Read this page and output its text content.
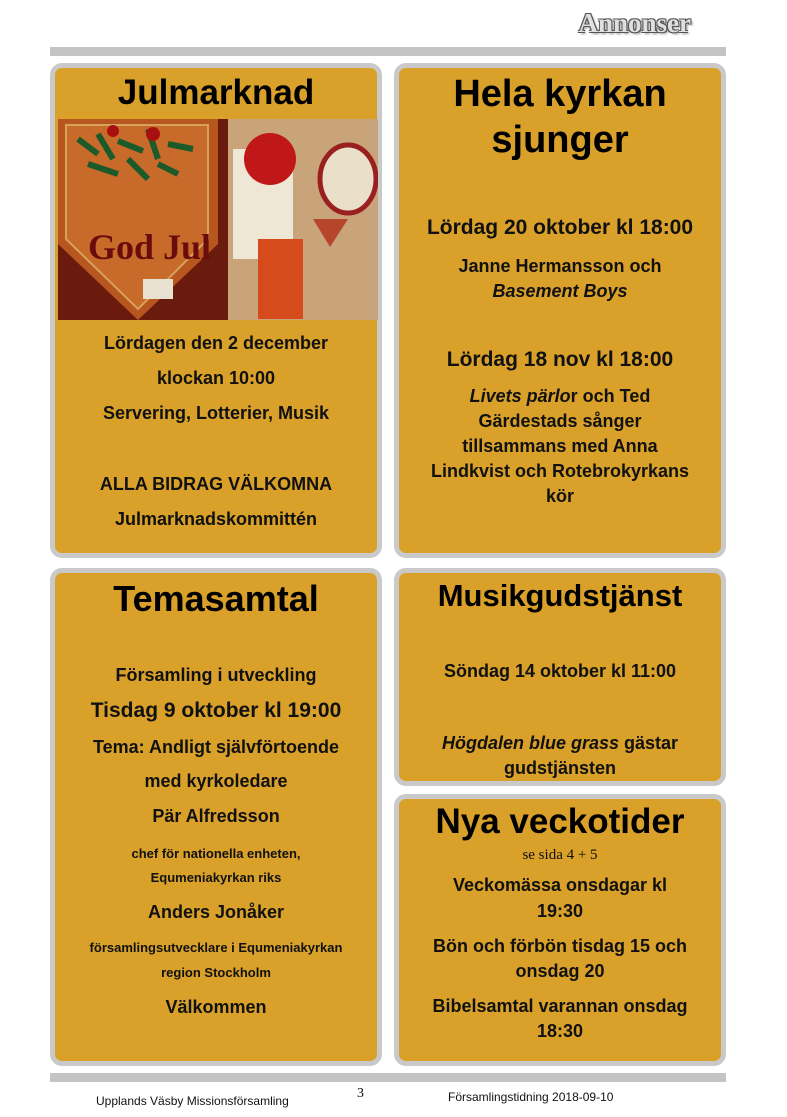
Annonser
Julmarknad
God Jul
Lördagen den 2 december
klockan 10:00
Servering, Lotterier, Musik
ALLA BIDRAG VÄLKOMNA
Julmarknadskommittén
Hela kyrkan
sjunger
Lördag 20 oktober kl 18:00
Janne Hermansson och
Basement Boys
Lördag 18 nov kl 18:00
Livets pärlor och Ted
Gärdestads sånger
tillsammans med Anna
Lindkvist och Rotebrokyrkans
kör
Temasamtal
Församling i utveckling
Tisdag 9 oktober kl 19:00
Tema: Andligt självförtoende
med kyrkoledare
Pär Alfredsson
chef för nationella enheten,
Equmeniakyrkan riks
Anders Jonåker
församlingsutvecklare i Equmeniakyrkan
region Stockholm
Välkommen
Musikgudstjänst
Söndag 14 oktober kl 11:00
Högdalen blue grass gästar
gudstjänsten
Nya veckotider
se sida 4 + 5
Veckomässa onsdagar kl
19:30
Bön och förbön tisdag 15 och
onsdag 20
Bibelsamtal varannan onsdag
18:30
Upplands Väsby Missionsförsamling	3	Församlingstidning 2018-09-10
